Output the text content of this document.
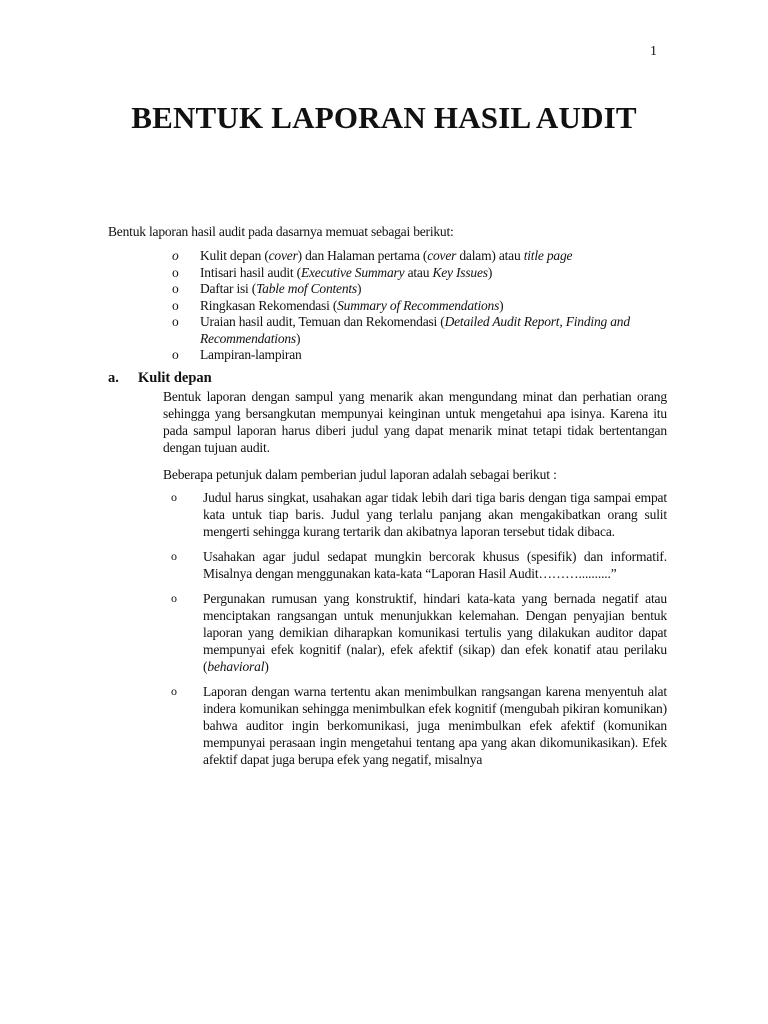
1
BENTUK LAPORAN HASIL AUDIT
Bentuk laporan hasil audit pada dasarnya memuat sebagai berikut:
o	Kulit depan (cover) dan Halaman pertama (cover dalam) atau title page
o	Intisari hasil audit (Executive Summary atau Key Issues)
o	Daftar isi (Table mof Contents)
o	Ringkasan Rekomendasi (Summary of Recommendations)
o	Uraian hasil audit, Temuan dan Rekomendasi (Detailed Audit Report, Finding and Recommendations)
o	Lampiran-lampiran
a.	Kulit depan

Bentuk laporan dengan sampul yang menarik akan mengundang minat dan perhatian orang sehingga yang bersangkutan mempunyai keinginan untuk mengetahui apa isinya. Karena itu pada sampul laporan harus diberi judul yang dapat menarik minat tetapi tidak bertentangan dengan tujuan audit.

Beberapa petunjuk dalam pemberian judul laporan adalah sebagai berikut :

o Judul harus singkat, usahakan agar tidak lebih dari tiga baris dengan tiga sampai empat kata untuk tiap baris. Judul yang terlalu panjang akan mengakibatkan orang sulit mengerti sehingga kurang tertarik dan akibatnya laporan tersebut tidak dibaca.
o Usahakan agar judul sedapat mungkin bercorak khusus (spesifik) dan informatif. Misalnya dengan menggunakan kata-kata “Laporan Hasil Audit………..........”
o Pergunakan rumusan yang konstruktif, hindari kata-kata yang bernada negatif atau menciptakan rangsangan untuk menunjukkan kelemahan. Dengan penyajian bentuk laporan yang demikian diharapkan komunikasi tertulis yang dilakukan auditor dapat mempunyai efek kognitif (nalar), efek afektif (sikap) dan efek konatif atau perilaku (behavioral)
o Laporan dengan warna tertentu akan menimbulkan rangsangan karena menyentuh alat indera komunikan sehingga menimbulkan efek kognitif (mengubah pikiran komunikan) bahwa auditor ingin berkomunikasi, juga menimbulkan efek afektif (komunikan mempunyai perasaan ingin mengetahui tentang apa yang akan dikomunikasikan). Efek afektif dapat juga berupa efek yang negatif, misalnya
